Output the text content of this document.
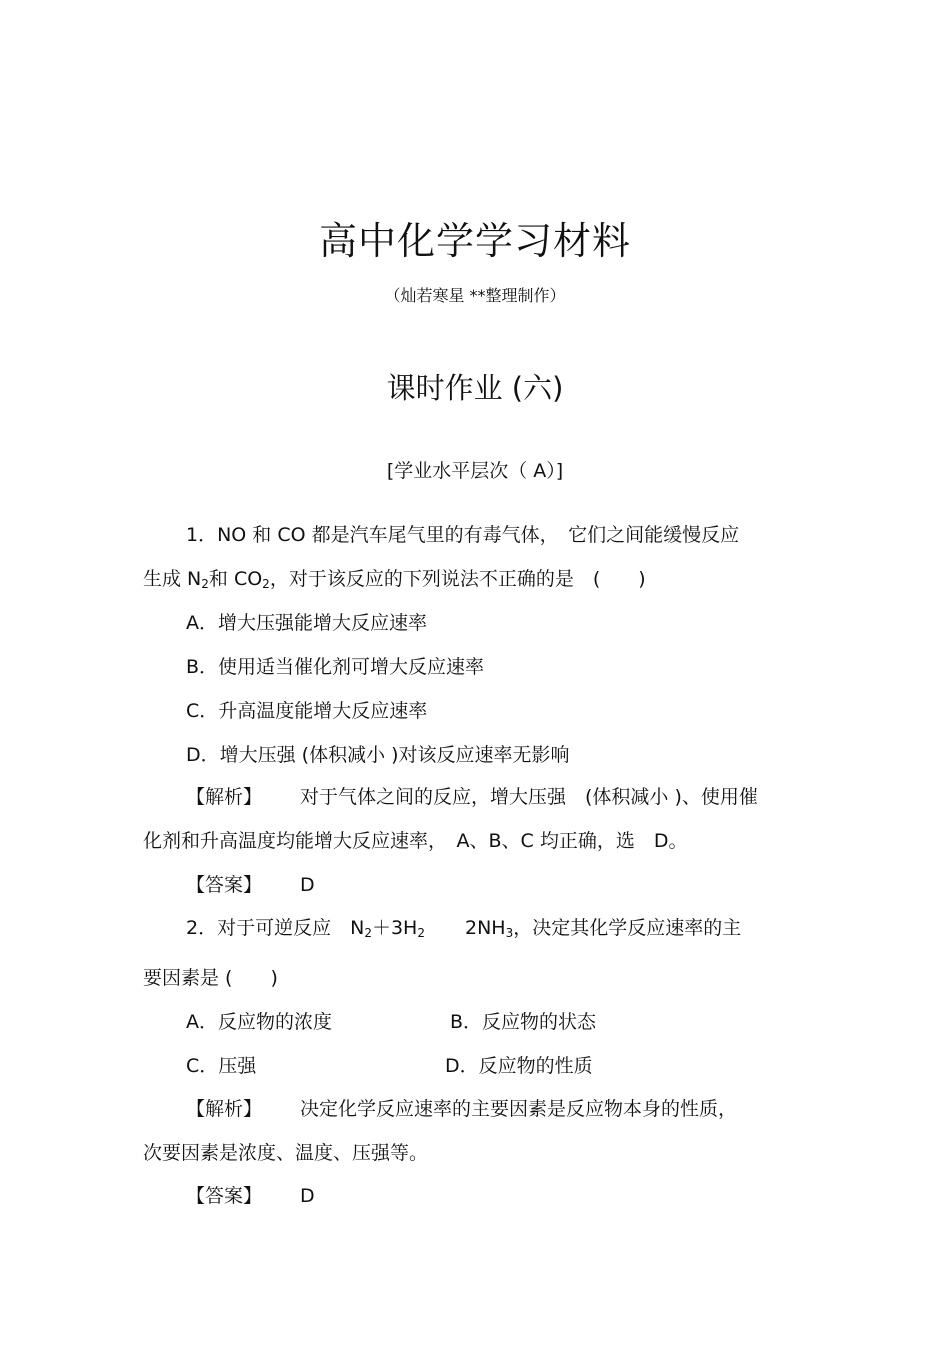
高中化学学习材料
（灿若寒星 **整理制作）
课时作业 (六)
[学业水平层次（ A）]
1．NO 和 CO 都是汽车尾气里的有毒气体，　它们之间能缓慢反应
生成 $N_2$和 $CO_2$，对于该反应的下列说法不正确的是　(　　)
A．增大压强能增大反应速率
B．使用适当催化剂可增大反应速率
C．升高温度能增大反应速率
D．增大压强 (体积减小 )对该反应速率无影响
【解析】 对于气体之间的反应，增大压强　(体积减小 )、使用催
化剂和升高温度均能增大反应速率，　A、B、C 均正确，选　D。
【答案】 D
2．对于可逆反应　$N_2+3H_2$ $2NH_3$，决定其化学反应速率的主
要因素是 (　　)
A．反应物的浓度	B．反应物的状态
C．压强	D．反应物的性质
【解析】 决定化学反应速率的主要因素是反应物本身的性质，
次要因素是浓度、温度、压强等。
【答案】 D
